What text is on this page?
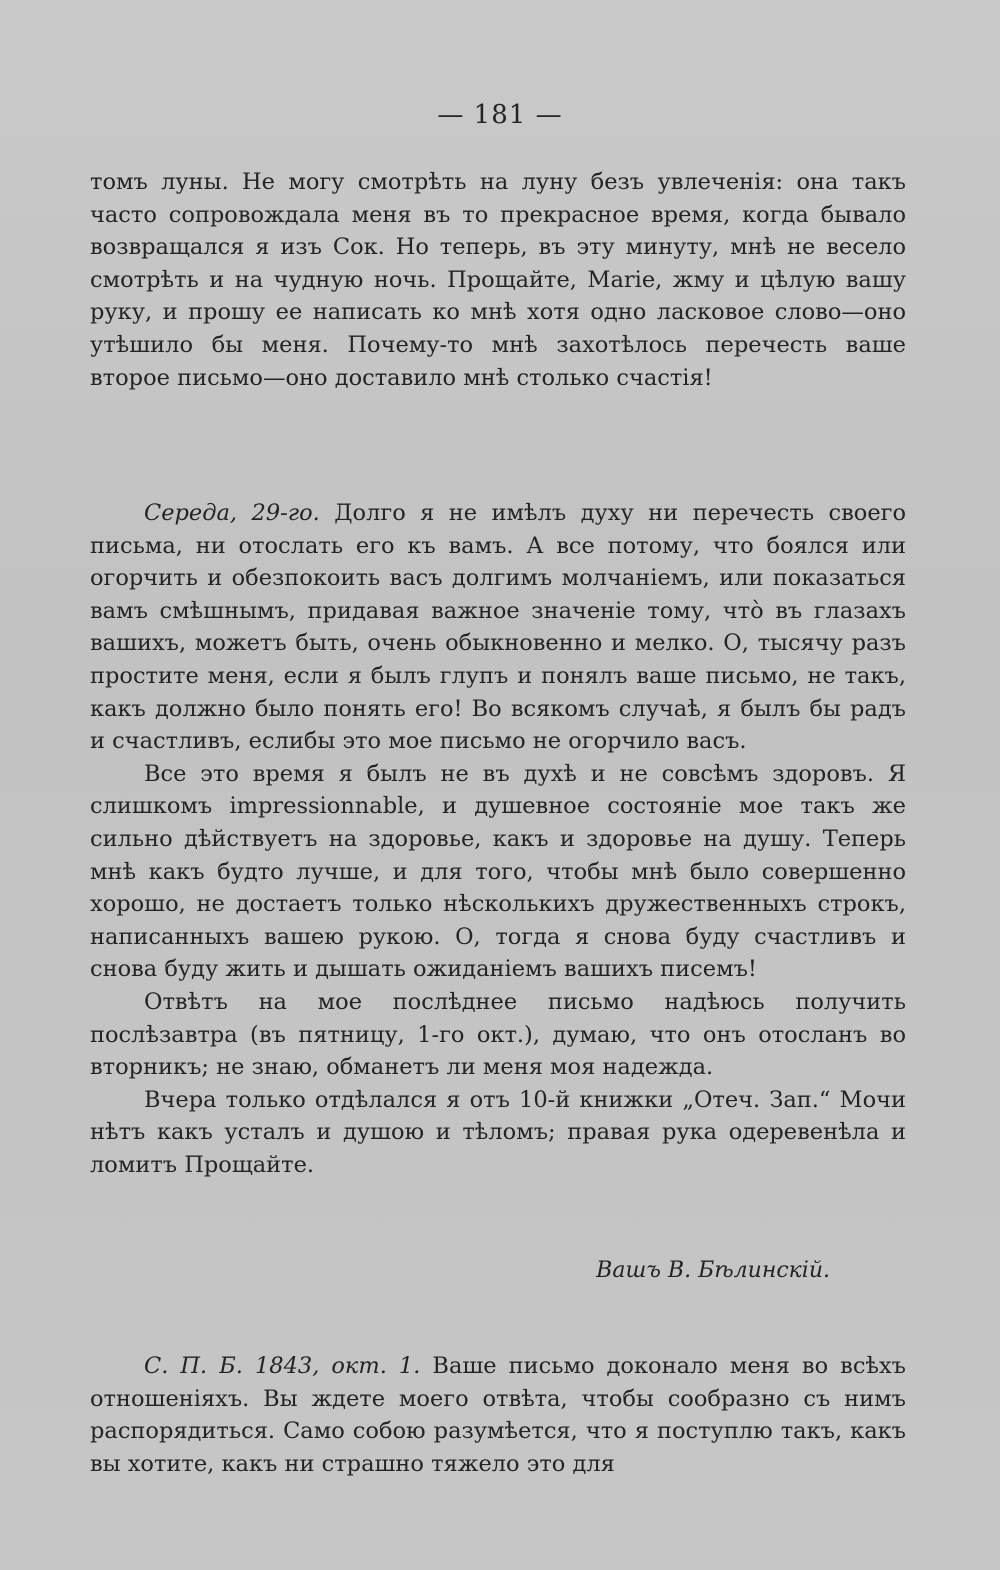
— 181 —

томъ луны. Не могу смотрѣть на луну безъ увлеченія: она такъ часто сопровождала меня въ то прекрасное время, когда бывало возвращался я изъ Сок. Но теперь, въ эту минуту, мнѣ не весело смотрѣть и на чудную ночь. Прощайте, Marie, жму и цѣлую вашу руку, и прошу ее написать ко мнѣ хотя одно ласковое слово—оно утѣшило бы меня. Почему-то мнѣ захотѣлось перечесть ваше второе письмо—оно доставило мнѣ столько счастія!

Середа, 29-го. Долго я не имѣлъ духу ни перечесть своего письма, ни отослать его къ вамъ. А все потому, что боялся или огорчить и обезпокоить васъ долгимъ молчаніемъ, или показаться вамъ смѣшнымъ, придавая важное значеніе тому, что̀ въ глазахъ вашихъ, можетъ быть, очень обыкновенно и мелко. О, тысячу разъ простите меня, если я былъ глупъ и понялъ ваше письмо, не такъ, какъ должно было понять его! Во всякомъ случаѣ, я былъ бы радъ и счастливъ, еслибы это мое письмо не огорчило васъ.

Все это время я былъ не въ духѣ и не совсѣмъ здоровъ. Я слишкомъ impressionnable, и душевное состояніе мое такъ же сильно дѣйствуетъ на здоровье, какъ и здоровье на душу. Теперь мнѣ какъ будто лучше, и для того, чтобы мнѣ было совершенно хорошо, не достаетъ только нѣсколькихъ дружественныхъ строкъ, написанныхъ вашею рукою. О, тогда я снова буду счастливъ и снова буду жить и дышать ожиданіемъ вашихъ писемъ!

Отвѣтъ на мое послѣднее письмо надѣюсь получить послѣзавтра (въ пятницу, 1-го окт.), думаю, что онъ отосланъ во вторникъ; не знаю, обманетъ ли меня моя надежда.

Вчера только отдѣлался я отъ 10-й книжки „Отеч. Зап.“ Мочи нѣтъ какъ усталъ и душою и тѣломъ; правая рука одеревенѣла и ломитъ Прощайте.

Вашъ В. Бѣлинскій.

С. П. Б. 1843, окт. 1. Ваше письмо доконало меня во всѣхъ отношеніяхъ. Вы ждете моего отвѣта, чтобы сообразно съ нимъ распорядиться. Само собою разумѣется, что я поступлю такъ, какъ вы хотите, какъ ни страшно тяжело это для
